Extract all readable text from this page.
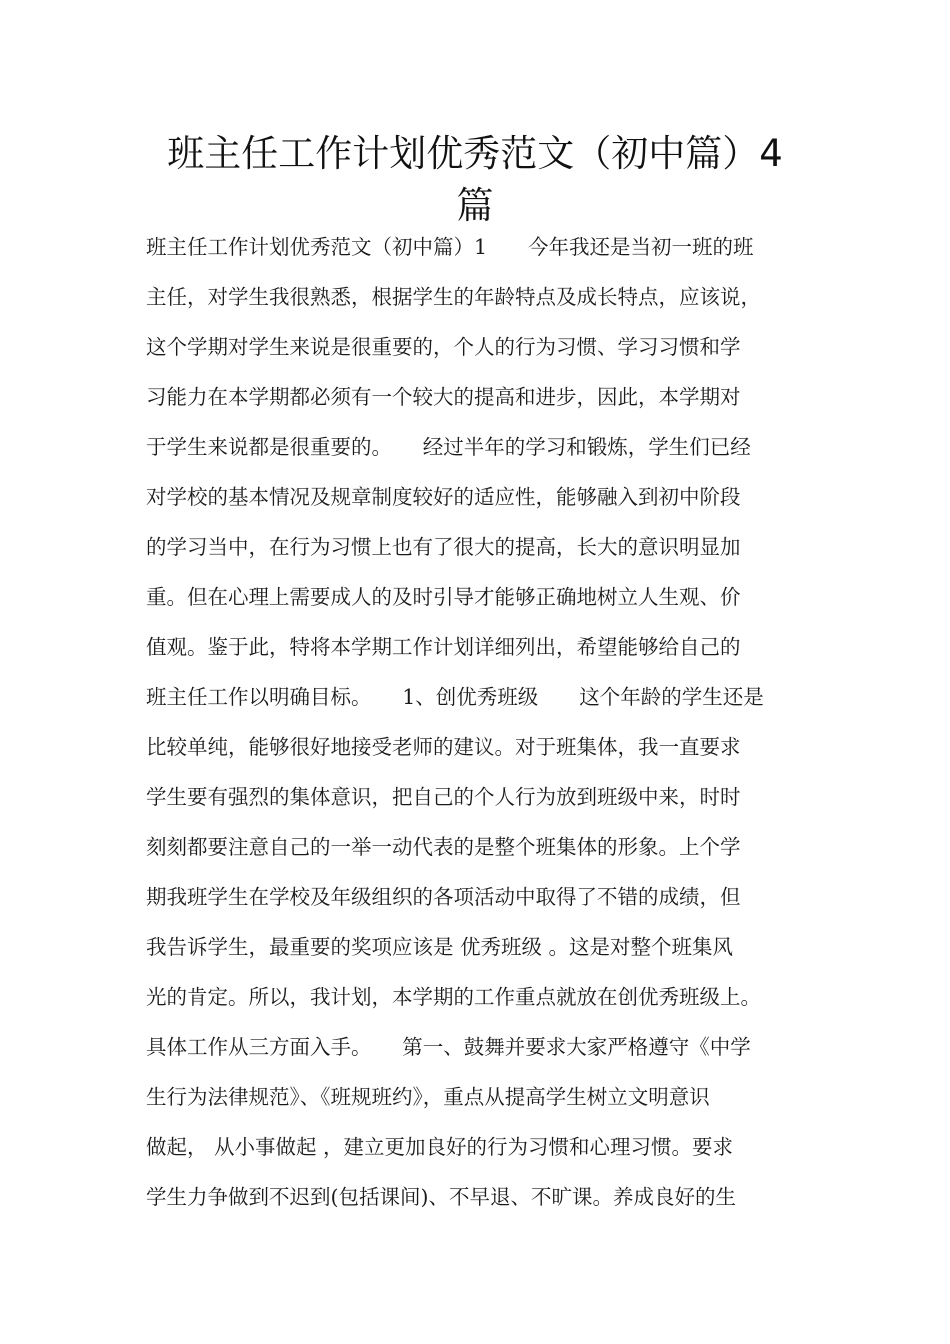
班主任工作计划优秀范文（初中篇）4
篇
班主任工作计划优秀范文（初中篇）1　　今年我还是当初一班的班
主任，对学生我很熟悉，根据学生的年龄特点及成长特点，应该说，
这个学期对学生来说是很重要的，个人的行为习惯、学习习惯和学
习能力在本学期都必须有一个较大的提高和进步，因此，本学期对
于学生来说都是很重要的。　　经过半年的学习和锻炼，学生们已经
对学校的基本情况及规章制度较好的适应性，能够融入到初中阶段
的学习当中，在行为习惯上也有了很大的提高，长大的意识明显加
重。但在心理上需要成人的及时引导才能够正确地树立人生观、价
值观。鉴于此，特将本学期工作计划详细列出，希望能够给自己的
班主任工作以明确目标。　　1、创优秀班级　　这个年龄的学生还是
比较单纯，能够很好地接受老师的建议。对于班集体，我一直要求
学生要有强烈的集体意识，把自己的个人行为放到班级中来，时时
刻刻都要注意自己的一举一动代表的是整个班集体的形象。上个学
期我班学生在学校及年级组织的各项活动中取得了不错的成绩，但
我告诉学生，最重要的奖项应该是 优秀班级 。这是对整个班集风
光的肯定。所以，我计划，本学期的工作重点就放在创优秀班级上。
具体工作从三方面入手。　　第一、鼓舞并要求大家严格遵守《中学
生行为法律规范》、《班规班约》，重点从提高学生树立文明意识
做起， 从小事做起 ，建立更加良好的行为习惯和心理习惯。要求
学生力争做到不迟到(包括课间)、不早退、不旷课。养成良好的生
